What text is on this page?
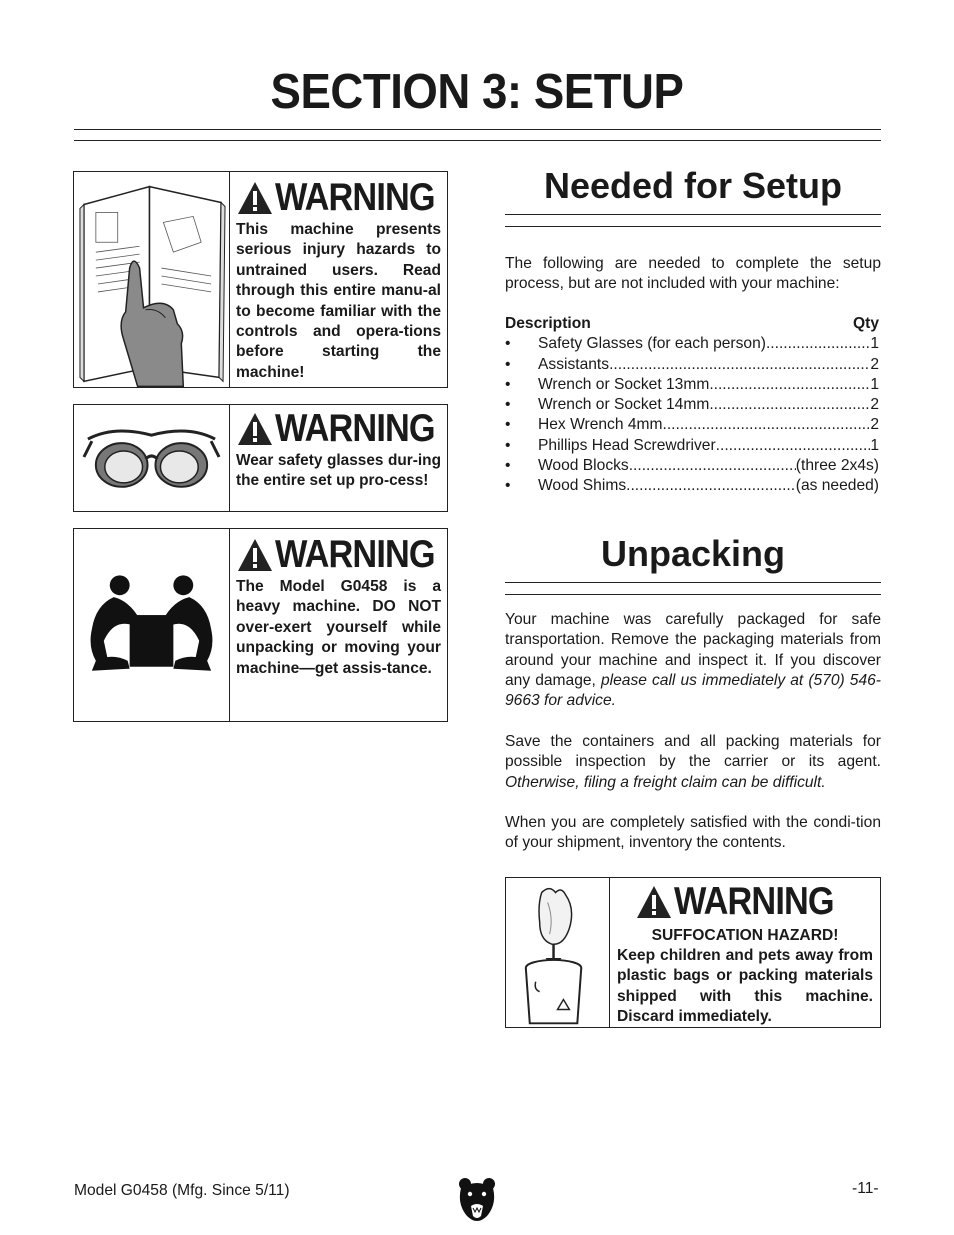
SECTION 3: SETUP
WARNING
This machine presents serious injury hazards to untrained users. Read through this entire manu-al to become familiar with the controls and opera-tions before starting the machine!
WARNING
Wear safety glasses dur-ing the entire set up pro-cess!
WARNING
The Model G0458 is a heavy machine. DO NOT over-exert yourself while unpacking or moving your machine—get assis-tance.
Needed for Setup
The following are needed to complete the setup process, but are not included with your machine:
Description	Qty
•	Safety Glasses (for each person) .....	1
•	Assistants .....	2
•	Wrench or Socket 13mm .....	1
•	Wrench or Socket 14mm .....	2
•	Hex Wrench 4mm .....	2
•	Phillips Head Screwdriver .....	1
•	Wood Blocks .....	(three 2x4s)
•	Wood Shims .....	(as needed)
Unpacking
Your machine was carefully packaged for safe transportation. Remove the packaging materials from around your machine and inspect it. If you discover any damage, please call us immediately at (570) 546-9663 for advice.
Save the containers and all packing materials for possible inspection by the carrier or its agent. Otherwise, filing a freight claim can be difficult.
When you are completely satisfied with the condi-tion of your shipment, inventory the contents.
WARNING
SUFFOCATION HAZARD!
Keep children and pets away from plastic bags or packing materials shipped with this machine. Discard immediately.
Model G0458 (Mfg. Since 5/11)	-11-
